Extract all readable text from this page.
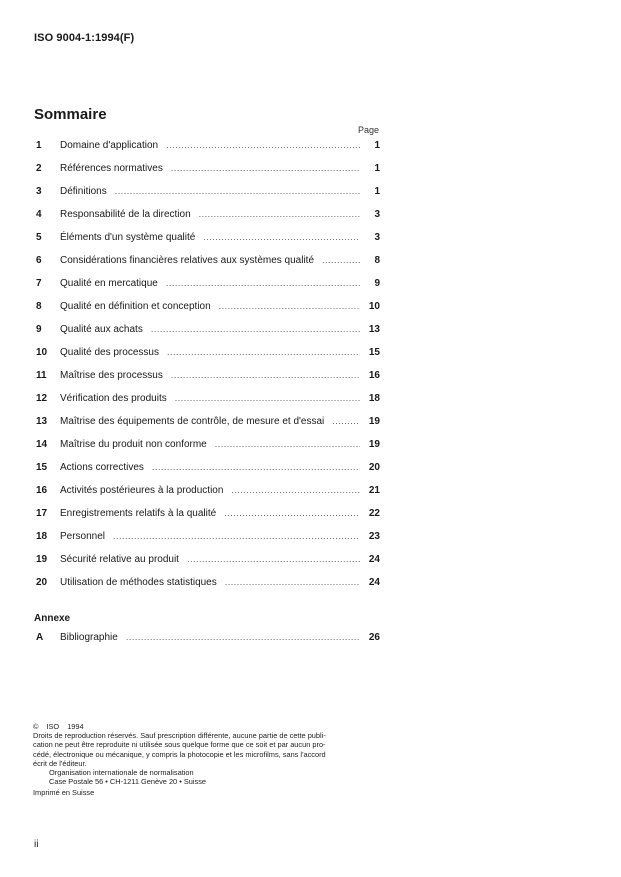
ISO 9004-1:1994(F)
Sommaire
Page
1	Domaine d'application .....	1
2	Références normatives .....	1
3	Définitions .....	1
4	Responsabilité de la direction .....	3
5	Éléments d'un système qualité .....	3
6	Considérations financières relatives aux systèmes qualité .....	8
7	Qualité en mercatique .....	9
8	Qualité en définition et conception .....	10
9	Qualité aux achats .....	13
10	Qualité des processus .....	15
11	Maîtrise des processus .....	16
12	Vérification des produits .....	18
13	Maîtrise des équipements de contrôle, de mesure et d'essai .....	19
14	Maîtrise du produit non conforme .....	19
15	Actions correctives .....	20
16	Activités postérieures à la production .....	21
17	Enregistrements relatifs à la qualité .....	22
18	Personnel .....	23
19	Sécurité relative au produit .....	24
20	Utilisation de méthodes statistiques .....	24
Annexe
A	Bibliographie .....	26
© ISO 1994
Droits de reproduction réservés. Sauf prescription différente, aucune partie de cette publi-
cation ne peut être reproduite ni utilisée sous quelque forme que ce soit et par aucun pro-
cédé, électronique ou mécanique, y compris la photocopie et les microfilms, sans l'accord
écrit de l'éditeur.
Organisation internationale de normalisation
Case Postale 56 • CH-1211 Genève 20 • Suisse
Imprimé en Suisse
ii
